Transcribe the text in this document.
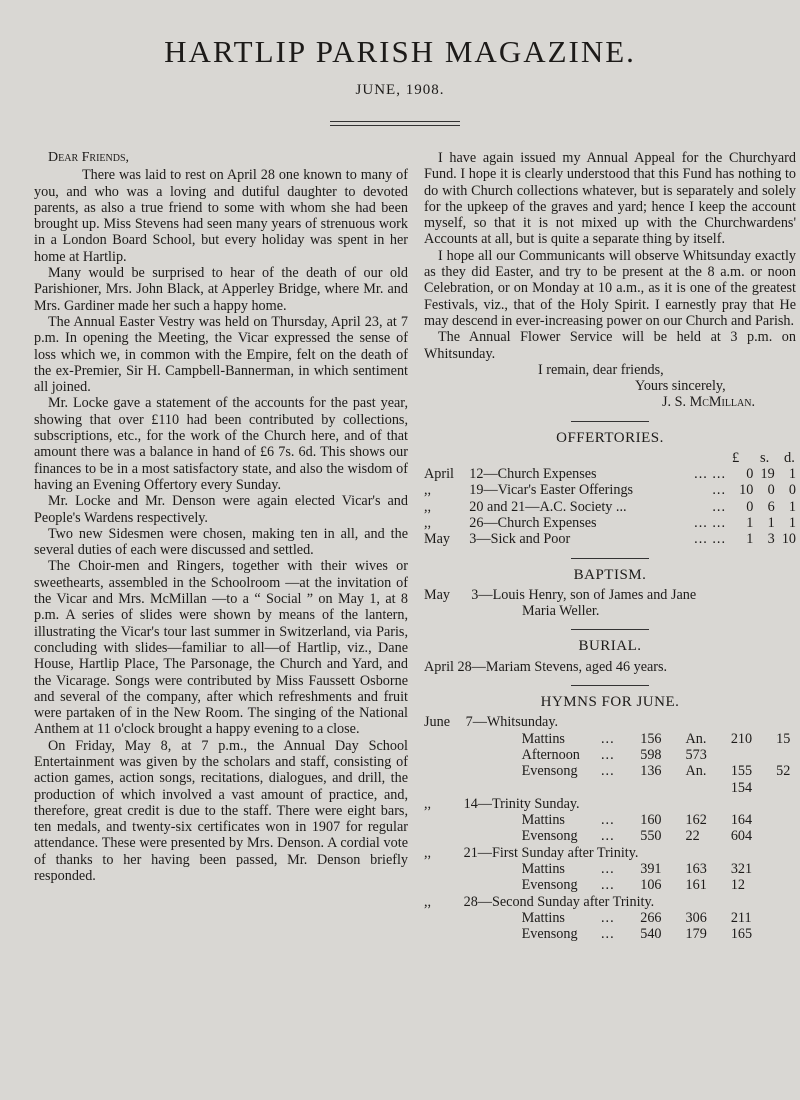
HARTLIP PARISH MAGAZINE.
JUNE, 1908.

Dear Friends,

There was laid to rest on April 28 one known to many of you, and who was a loving and dutiful daughter to devoted parents, as also a true friend to some with whom she had been brought up. Miss Stevens had seen many years of strenuous work in a London Board School, but every holiday was spent in her home at Hartlip.

Many would be surprised to hear of the death of our old Parishioner, Mrs. John Black, at Apperley Bridge, where Mr. and Mrs. Gardiner made her such a happy home.

The Annual Easter Vestry was held on Thursday, April 23, at 7 p.m. In opening the Meeting, the Vicar expressed the sense of loss which we, in common with the Empire, felt on the death of the ex-Premier, Sir H. Campbell-Bannerman, in which sentiment all joined.

Mr. Locke gave a statement of the accounts for the past year, showing that over £110 had been contributed by collections, subscriptions, etc., for the work of the Church here, and of that amount there was a balance in hand of £6 7s. 6d. This shows our finances to be in a most satisfactory state, and also the wisdom of having an Evening Offertory every Sunday.

Mr. Locke and Mr. Denson were again elected Vicar's and People's Wardens respectively.

Two new Sidesmen were chosen, making ten in all, and the several duties of each were discussed and settled.

The Choir-men and Ringers, together with their wives or sweethearts, assembled in the Schoolroom —at the invitation of the Vicar and Mrs. McMillan —to a “ Social ” on May 1, at 8 p.m. A series of slides were shown by means of the lantern, illustrating the Vicar's tour last summer in Switzerland, via Paris, concluding with slides—familiar to all—of Hartlip, viz., Dane House, Hartlip Place, The Parsonage, the Church and Yard, and the Vicarage. Songs were contributed by Miss Faussett Osborne and several of the company, after which refreshments and fruit were partaken of in the New Room. The singing of the National Anthem at 11 o'clock brought a happy evening to a close.

On Friday, May 8, at 7 p.m., the Annual Day School Entertainment was given by the scholars and staff, consisting of action games, action songs, recitations, dialogues, and drill, the production of which involved a vast amount of practice, and, therefore, great credit is due to the staff. There were eight bars, ten medals, and twenty-six certificates won in 1907 for regular attendance. These were presented by Mrs. Denson. A cordial vote of thanks to her having been passed, Mr. Denson briefly responded.

I have again issued my Annual Appeal for the Churchyard Fund. I hope it is clearly understood that this Fund has nothing to do with Church collections whatever, but is separately and solely for the upkeep of the graves and yard; hence I keep the account myself, so that it is not mixed up with the Churchwardens' Accounts at all, but is quite a separate thing by itself.

I hope all our Communicants will observe Whitsunday exactly as they did Easter, and try to be present at the 8 a.m. or noon Celebration, or on Monday at 10 a.m., as it is one of the greatest Festivals, viz., that of the Holy Spirit. I earnestly pray that He may descend in ever-increasing power on our Church and Parish.

The Annual Flower Service will be held at 3 p.m. on Whitsunday.

I remain, dear friends,

Yours sincerely,

J. S. McMillan.

OFFERTORIES.
£ s. d.
April	12—Church Expenses ... ...	0	19	1
,,	19—Vicar's Easter Offerings ...	10	0	0
,,	20 and 21—A.C. Society ... ...	0	6	1
,,	26—Church Expenses ... ...	1	1	1
May	3—Sick and Poor ... ...	1	3	10
BAPTISM.
May 3—Louis Henry, son of James and Jane
Maria Weller.
BURIAL.
April 28—Mariam Stevens, aged 46 years.
HYMNS FOR JUNE.
June	7—Whitsunday.					
	Mattins	...	156	An.	210	15
	Afternoon	...	598	573		
	Evensong	...	136	An.	155	52
					154	
,,	14—Trinity Sunday.					
	Mattins	...	160	162	164	
	Evensong	...	550	22	604	
,,	21—First Sunday after Trinity.					
	Mattins	...	391	163	321	
	Evensong	...	106	161	12	
,,	28—Second Sunday after Trinity.					
	Mattins	...	266	306	211	
	Evensong	...	540	179	165	
